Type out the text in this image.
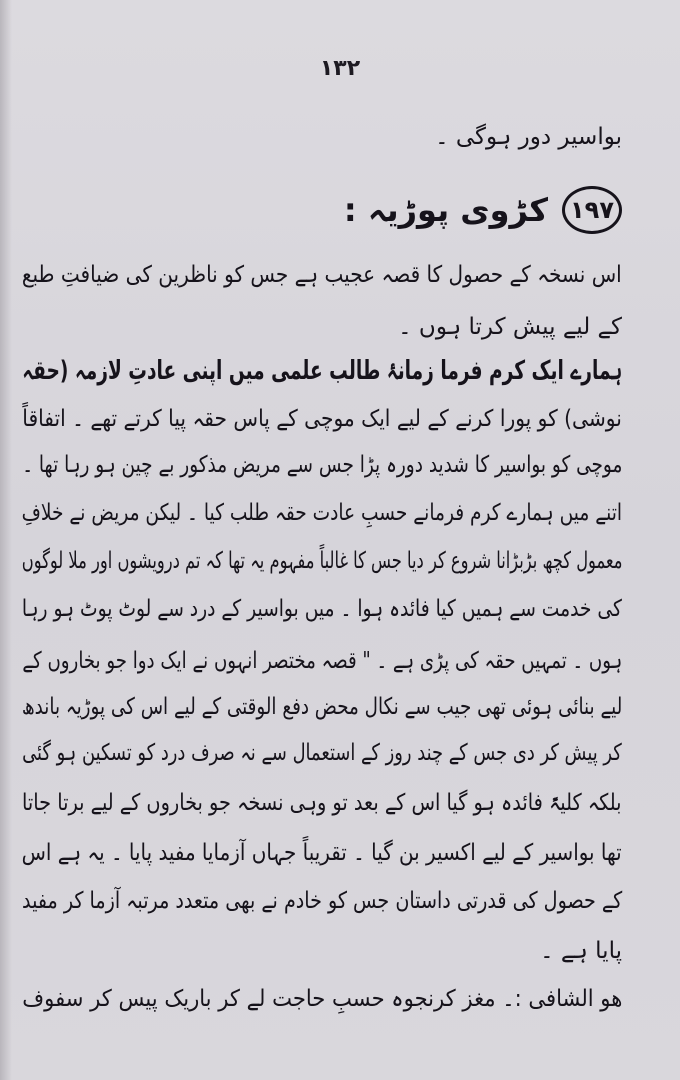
١٣٢
بواسیر دور ہوگی ۔
١٩٧
کڑوی پوڑیہ :
اس نسخہ کے حصول کا قصہ عجیب ہے جس کو ناظرین کی ضیافتِ طبع
کے لیے پیش کرتا ہوں ۔
ہمارے ایک کرم فرما زمانۂ طالب علمی میں اپنی عادتِ لازمہ (حقہ
نوشی) کو پورا کرنے کے لیے ایک موچی کے پاس حقہ پیا کرتے تھے ۔ اتفاقاً
موچی کو بواسیر کا شدید دورہ پڑا جس سے مریض مذکور بے چین ہو رہا تھا ۔
اتنے میں ہمارے کرم فرمانے حسبِ عادت حقہ طلب کیا ۔ لیکن مریض نے خلافِ
معمول کچھ بڑبڑانا شروع کر دیا جس کا غالباً مفہوم یہ تھا کہ تم درویشوں اور ملا لوگوں
کی خدمت سے ہمیں کیا فائدہ ہوا ۔ میں بواسیر کے درد سے لوٹ پوٹ ہو رہا
ہوں ۔ تمہیں حقہ کی پڑی ہے ۔ " قصہ مختصر انہوں نے ایک دوا جو بخاروں کے
لیے بنائی ہوئی تھی جیب سے نکال محض دفع الوقتی کے لیے اس کی پوڑیہ باندھ
کر پیش کر دی جس کے چند روز کے استعمال سے نہ صرف درد کو تسکین ہو گئی
بلکہ کلیۃً فائدہ ہو گیا اس کے بعد تو وہی نسخہ جو بخاروں کے لیے برتا جاتا
تھا بواسیر کے لیے اکسیر بن گیا ۔ تقریباً جہاں آزمایا مفید پایا ۔ یہ ہے اس
کے حصول کی قدرتی داستان جس کو خادم نے بھی متعدد مرتبہ آزما کر مفید
پایا ہے ۔
ھو الشافی :۔ مغز کرنجوہ حسبِ حاجت لے کر باریک پیس کر سفوف
